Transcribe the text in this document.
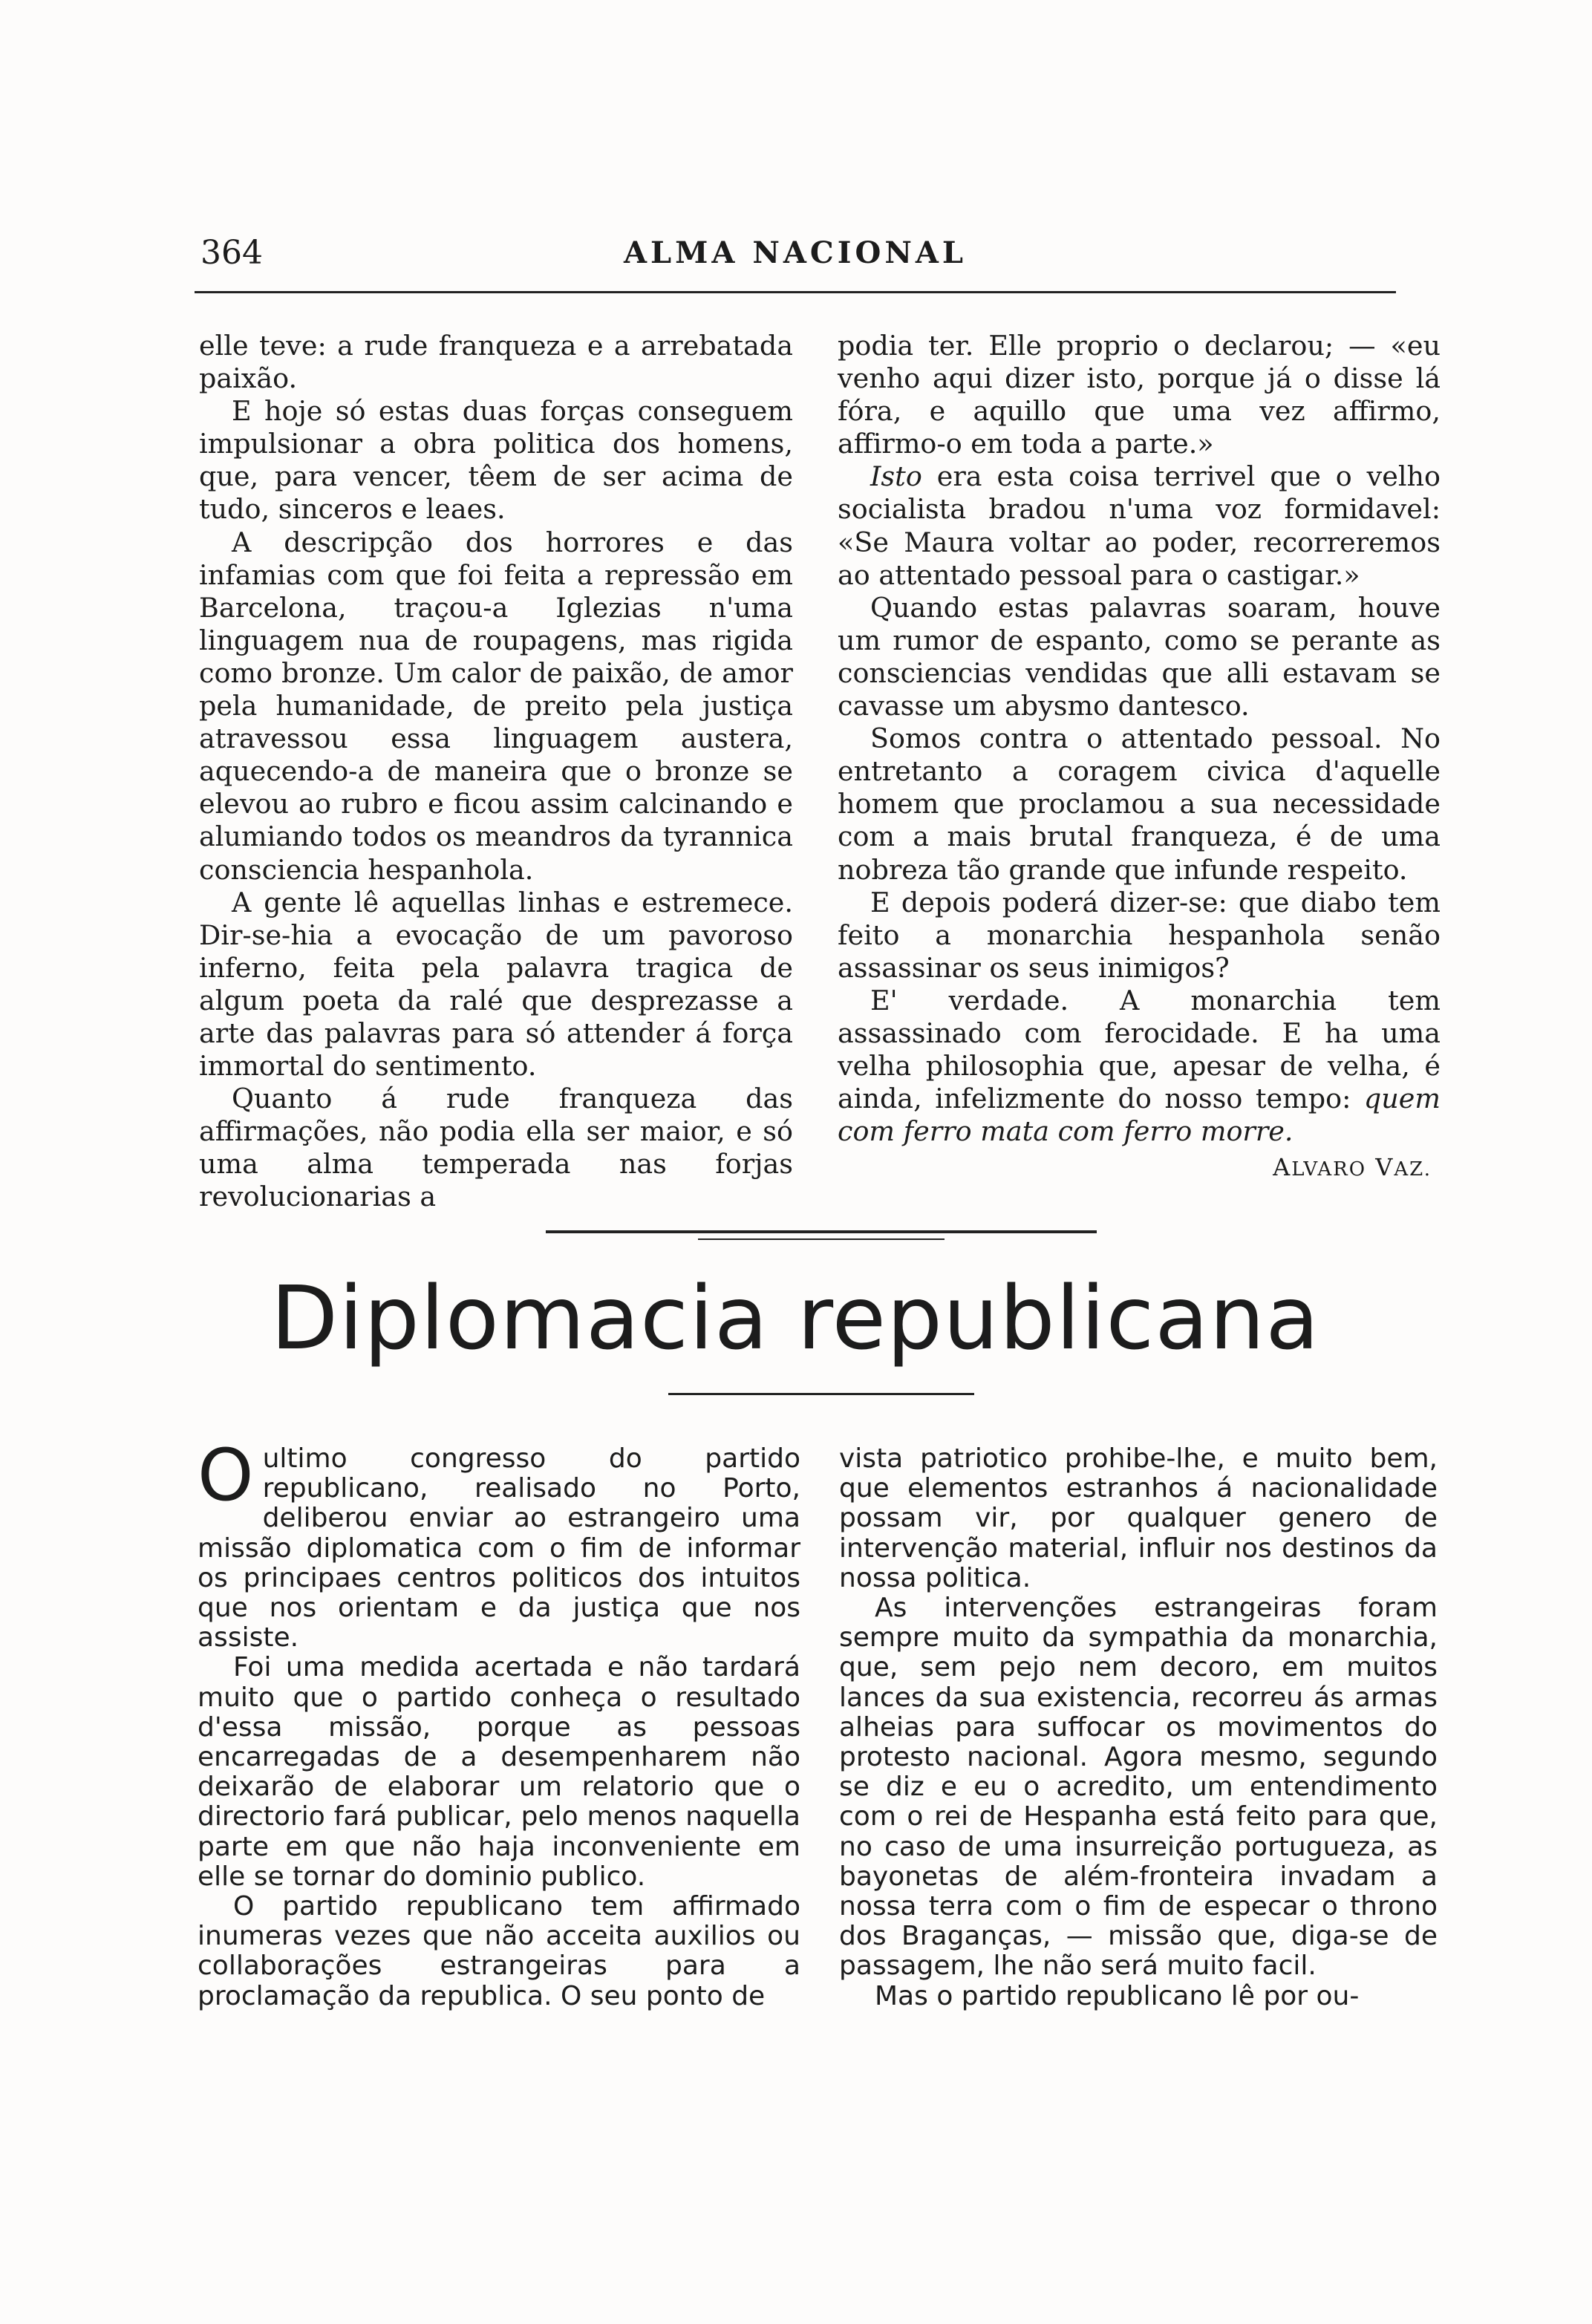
364	ALMA NACIONAL

elle teve: a rude franqueza e a arrebatada paixão.

E hoje só estas duas forças conseguem impulsionar a obra politica dos homens, que, para vencer, têem de ser acima de tudo, sinceros e leaes.

A descripção dos horrores e das infamias com que foi feita a repressão em Barcelona, traçou-a Iglezias n'uma linguagem nua de roupagens, mas rigida como bronze. Um calor de paixão, de amor pela humanidade, de preito pela justiça atravessou essa linguagem austera, aquecendo-a de maneira que o bronze se elevou ao rubro e ficou assim calcinando e alumiando todos os meandros da tyrannica consciencia hespanhola.

A gente lê aquellas linhas e estremece. Dir-se-hia a evocação de um pavoroso inferno, feita pela palavra tragica de algum poeta da ralé que desprezasse a arte das palavras para só attender á força immortal do sentimento.

Quanto á rude franqueza das affirmações, não podia ella ser maior, e só uma alma temperada nas forjas revolucionarias a

podia ter. Elle proprio o declarou; — «eu venho aqui dizer isto, porque já o disse lá fóra, e aquillo que uma vez affirmo, affirmo-o em toda a parte.»

Isto era esta coisa terrivel que o velho socialista bradou n'uma voz formidavel: «Se Maura voltar ao poder, recorreremos ao attentado pessoal para o castigar.»

Quando estas palavras soaram, houve um rumor de espanto, como se perante as consciencias vendidas que alli estavam se cavasse um abysmo dantesco.

Somos contra o attentado pessoal. No entretanto a coragem civica d'aquelle homem que proclamou a sua necessidade com a mais brutal franqueza, é de uma nobreza tão grande que infunde respeito.

E depois poderá dizer-se: que diabo tem feito a monarchia hespanhola senão assassinar os seus inimigos?

E' verdade. A monarchia tem assassinado com ferocidade. E ha uma velha philosophia que, apesar de velha, é ainda, infelizmente do nosso tempo: quem com ferro mata com ferro morre.

ALVARO VAZ.
Diplomacia republicana

Oultimo congresso do partido republicano, realisado no Porto, deliberou enviar ao estrangeiro uma missão diplomatica com o fim de informar os principaes centros politicos dos intuitos que nos orientam e da justiça que nos assiste.

Foi uma medida acertada e não tardará muito que o partido conheça o resultado d'essa missão, porque as pessoas encarregadas de a desempenharem não deixarão de elaborar um relatorio que o directorio fará publicar, pelo menos naquella parte em que não haja inconveniente em elle se tornar do dominio publico.

O partido republicano tem affirmado inumeras vezes que não acceita auxilios ou collaborações estrangeiras para a proclamação da republica. O seu ponto de

vista patriotico prohibe-lhe, e muito bem, que elementos estranhos á nacionalidade possam vir, por qualquer genero de intervenção material, influir nos destinos da nossa politica.

As intervenções estrangeiras foram sempre muito da sympathia da monarchia, que, sem pejo nem decoro, em muitos lances da sua existencia, recorreu ás armas alheias para suffocar os movimentos do protesto nacional. Agora mesmo, segundo se diz e eu o acredito, um entendimento com o rei de Hespanha está feito para que, no caso de uma insurreição portugueza, as bayonetas de além-fronteira invadam a nossa terra com o fim de especar o throno dos Braganças, — missão que, diga-se de passagem, lhe não será muito facil.

Mas o partido republicano lê por ou-
